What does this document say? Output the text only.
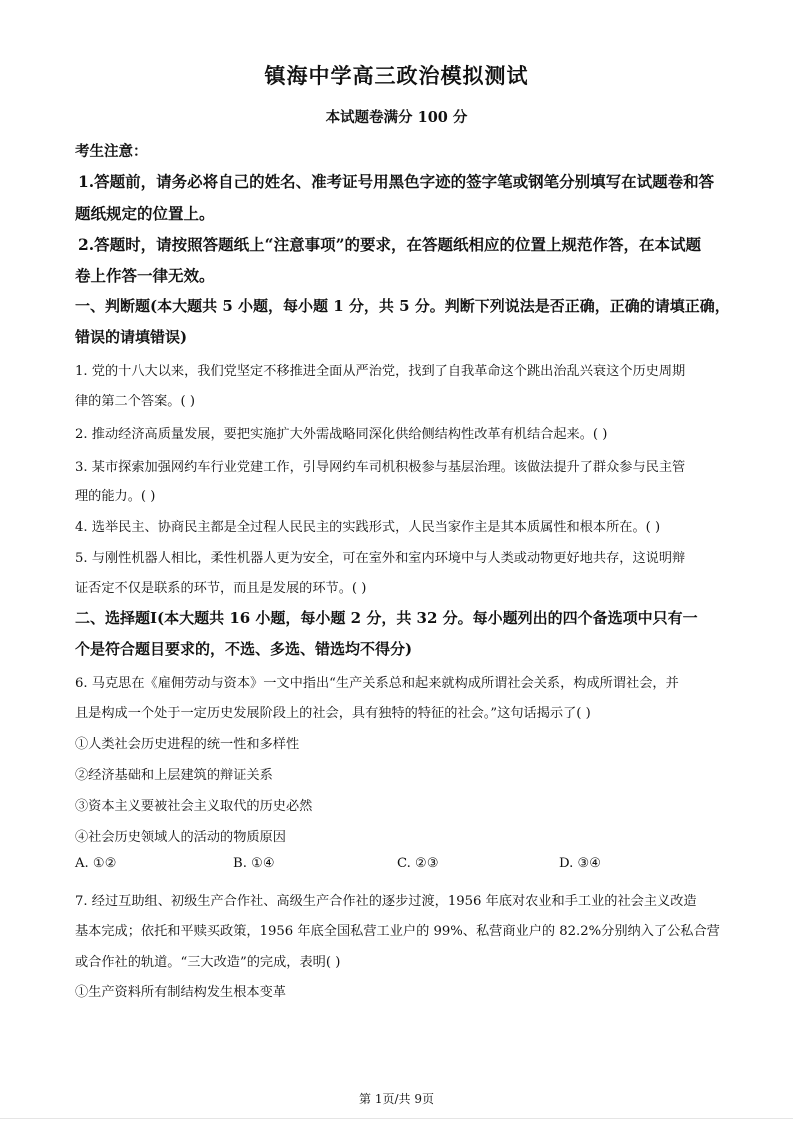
镇海中学高三政治模拟测试
本试题卷满分 100 分
考生注意：
1.答题前，请务必将自己的姓名、准考证号用黑色字迹的签字笔或钢笔分别填写在试题卷和答
题纸规定的位置上。
2.答题时，请按照答题纸上“注意事项”的要求，在答题纸相应的位置上规范作答，在本试题
卷上作答一律无效。
一、判断题(本大题共 5 小题，每小题 1 分，共 5 分。判断下列说法是否正确，正确的请填正确，
错误的请填错误)
1. 党的十八大以来，我们党坚定不移推进全面从严治党，找到了自我革命这个跳出治乱兴衰这个历史周期
律的第二个答案。( )
2. 推动经济高质量发展，要把实施扩大外需战略同深化供给侧结构性改革有机结合起来。( )
3. 某市探索加强网约车行业党建工作，引导网约车司机积极参与基层治理。该做法提升了群众参与民主管
理的能力。( )
4. 选举民主、协商民主都是全过程人民民主的实践形式，人民当家作主是其本质属性和根本所在。( )
5. 与刚性机器人相比，柔性机器人更为安全，可在室外和室内环境中与人类或动物更好地共存，这说明辩
证否定不仅是联系的环节，而且是发展的环节。( )
二、选择题Ⅰ(本大题共 16 小题，每小题 2 分，共 32 分。每小题列出的四个备选项中只有一
个是符合题目要求的，不选、多选、错选均不得分)
6. 马克思在《雇佣劳动与资本》一文中指出“生产关系总和起来就构成所谓社会关系，构成所谓社会，并
且是构成一个处于一定历史发展阶段上的社会，具有独特的特征的社会。”这句话揭示了( )
①人类社会历史进程的统一性和多样性
②经济基础和上层建筑的辩证关系
③资本主义要被社会主义取代的历史必然
④社会历史领域人的活动的物质原因
A. ①②	B. ①④	C. ②③	D. ③④
7. 经过互助组、初级生产合作社、高级生产合作社的逐步过渡，1956 年底对农业和手工业的社会主义改造
基本完成；依托和平赎买政策，1956 年底全国私营工业户的 99%、私营商业户的 82.2%分别纳入了公私合营
或合作社的轨道。“三大改造”的完成，表明( )
①生产资料所有制结构发生根本变革
第 1页/共 9页
